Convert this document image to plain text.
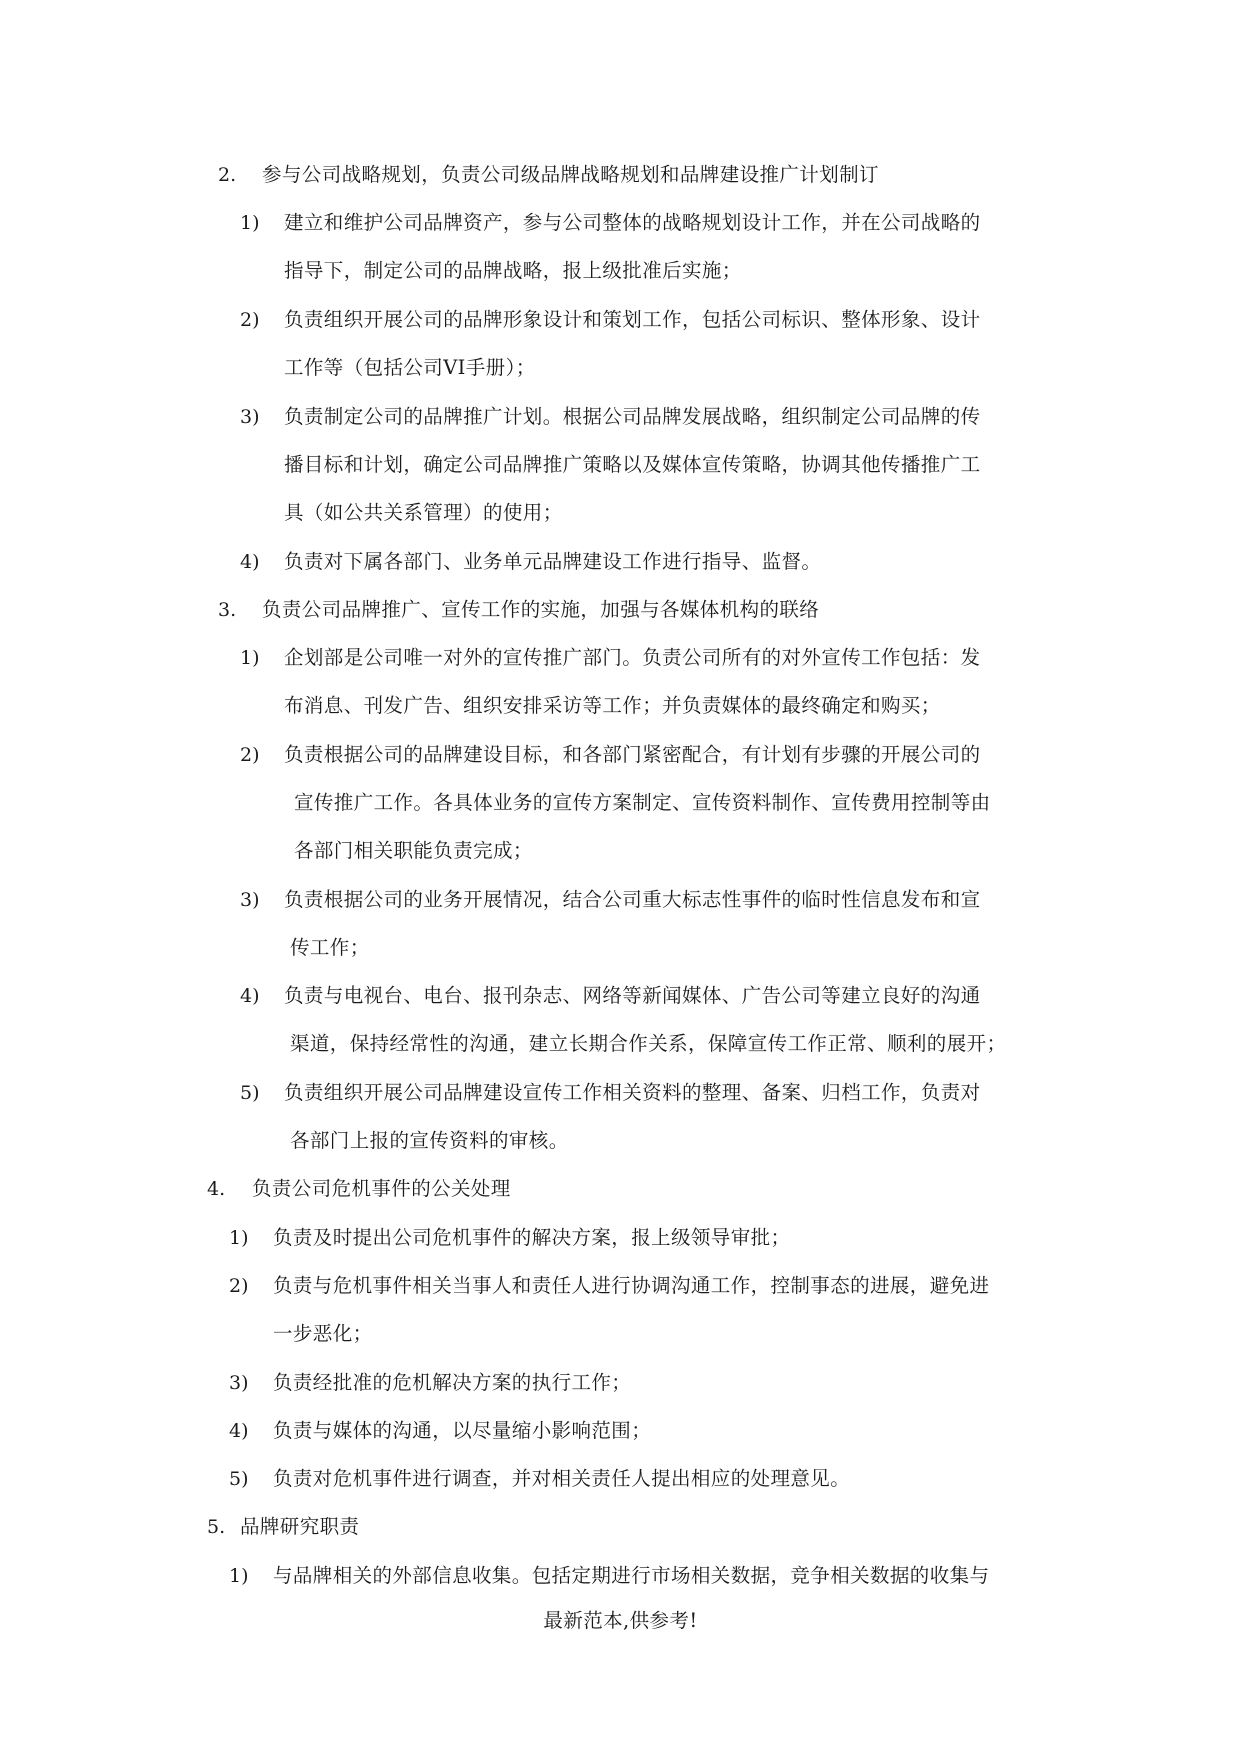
2. 参与公司战略规划，负责公司级品牌战略规划和品牌建设推广计划制订
1) 建立和维护公司品牌资产，参与公司整体的战略规划设计工作，并在公司战略的
指导下，制定公司的品牌战略，报上级批准后实施；
2) 负责组织开展公司的品牌形象设计和策划工作，包括公司标识、整体形象、设计
工作等（包括公司VI手册）；
3) 负责制定公司的品牌推广计划。根据公司品牌发展战略，组织制定公司品牌的传
播目标和计划，确定公司品牌推广策略以及媒体宣传策略，协调其他传播推广工
具（如公共关系管理）的使用；
4) 负责对下属各部门、业务单元品牌建设工作进行指导、监督。
3. 负责公司品牌推广、宣传工作的实施，加强与各媒体机构的联络
1) 企划部是公司唯一对外的宣传推广部门。负责公司所有的对外宣传工作包括：发
布消息、刊发广告、组织安排采访等工作；并负责媒体的最终确定和购买；
2) 负责根据公司的品牌建设目标，和各部门紧密配合，有计划有步骤的开展公司的
宣传推广工作。各具体业务的宣传方案制定、宣传资料制作、宣传费用控制等由
各部门相关职能负责完成；
3) 负责根据公司的业务开展情况，结合公司重大标志性事件的临时性信息发布和宣
传工作；
4) 负责与电视台、电台、报刊杂志、网络等新闻媒体、广告公司等建立良好的沟通
渠道，保持经常性的沟通，建立长期合作关系，保障宣传工作正常、顺利的展开；
5) 负责组织开展公司品牌建设宣传工作相关资料的整理、备案、归档工作，负责对
各部门上报的宣传资料的审核。
4. 负责公司危机事件的公关处理
1) 负责及时提出公司危机事件的解决方案，报上级领导审批；
2) 负责与危机事件相关当事人和责任人进行协调沟通工作，控制事态的进展，避免进
一步恶化；
3) 负责经批准的危机解决方案的执行工作；
4) 负责与媒体的沟通，以尽量缩小影响范围；
5) 负责对危机事件进行调查，并对相关责任人提出相应的处理意见。
5. 品牌研究职责
1) 与品牌相关的外部信息收集。包括定期进行市场相关数据，竞争相关数据的收集与
最新范本,供参考!
